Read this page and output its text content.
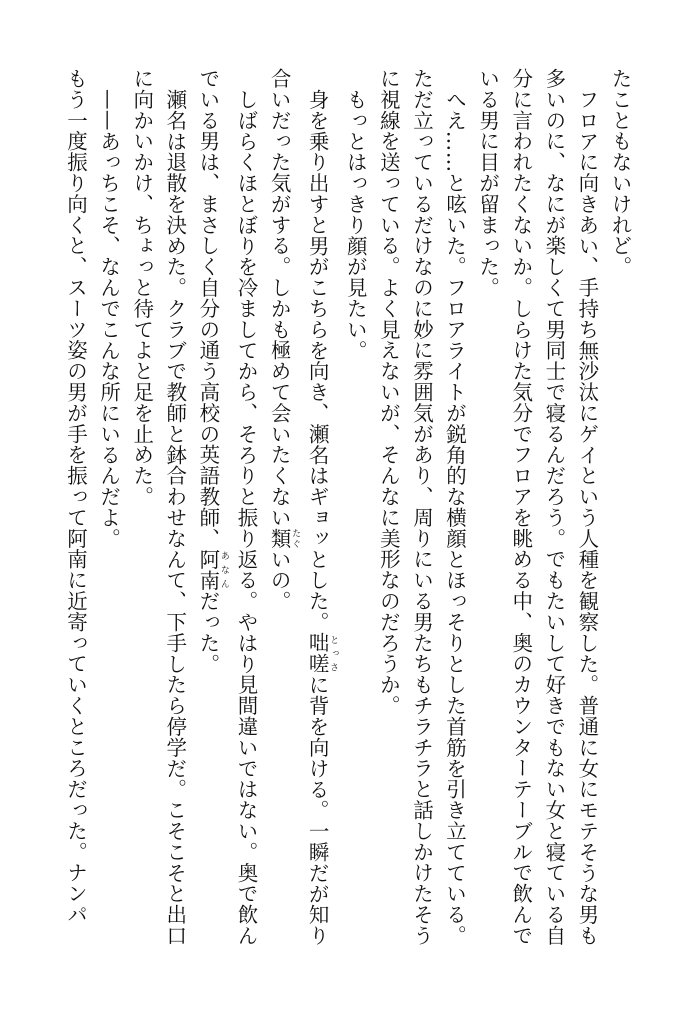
たこともないけれど。

フロアに向きあい、手持ち無沙汰にゲイという人種を観察した。普通に女にモテそうな男も

多いのに、なにが楽しくて男同士で寝るんだろう。でもたいして好きでもない女と寝ている自

分に言われたくないか。しらけた気分でフロアを眺める中、奥のカウンターテーブルで飲んで

いる男に目が留まった。

へえ……と呟いた。フロアライトが鋭角的な横顔とほっそりとした首筋を引き立てている。

ただ立っているだけなのに妙に雰囲気があり、周りにいる男たちもチラチラと話しかけたそう

に視線を送っている。よく見えないが、そんなに美形なのだろうか。

もっとはっきり顔が見たい。

身を乗り出すと男がこちらを向き、瀬名はギョッとした。咄嗟 とっさに背を向ける。一瞬だが知り

合いだった気がする。しかも極めて会いたくない類 たぐいの。

しばらくほとぼりを冷ましてから、そろりと振り返る。やはり見間違いではない。奥で飲ん

でいる男は、まさしく自分の通う高校の英語教師、阿南 あなんだった。

瀬名は退散を決めた。クラブで教師と鉢合わせなんて、下手したら停学だ。こそこそと出口

に向かいかけ、ちょっと待てよと足を止めた。

——あっちこそ、なんでこんな所にいるんだよ。

もう一度振り向くと、スーツ姿の男が手を振って阿南に近寄っていくところだった。ナンパ
